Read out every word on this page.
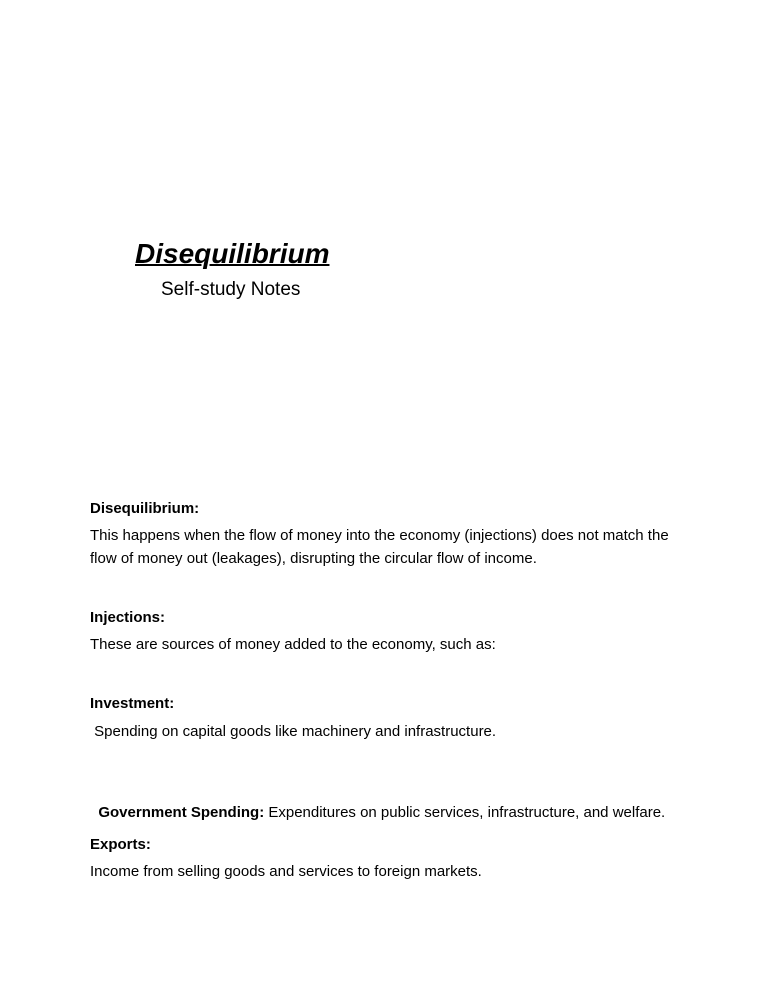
Disequilibrium
Self-study Notes
Disequilibrium:
This happens when the flow of money into the economy (injections) does not match the
flow of money out (leakages), disrupting the circular flow of income.
Injections:
These are sources of money added to the economy, such as:
Investment:
Spending on capital goods like machinery and infrastructure.

Government Spending: Expenditures on public services, infrastructure, and welfare.

Exports:
Income from selling goods and services to foreign markets.
